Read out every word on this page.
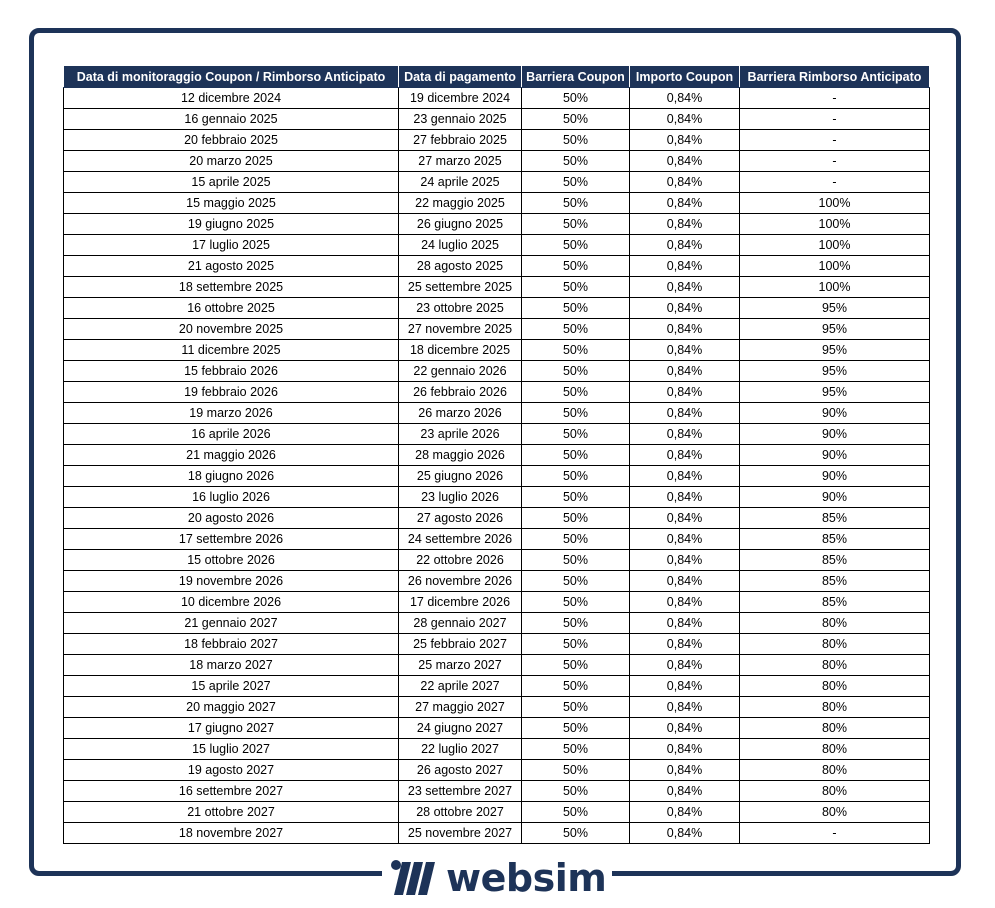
Data di monitoraggio Coupon / Rimborso Anticipato	Data di pagamento	Barriera Coupon	Importo Coupon	Barriera Rimborso Anticipato
12 dicembre 2024	19 dicembre 2024	50%	0,84%	-
16 gennaio 2025	23 gennaio 2025	50%	0,84%	-
20 febbraio 2025	27 febbraio 2025	50%	0,84%	-
20 marzo 2025	27 marzo 2025	50%	0,84%	-
15 aprile 2025	24 aprile 2025	50%	0,84%	-
15 maggio 2025	22 maggio 2025	50%	0,84%	100%
19 giugno 2025	26 giugno 2025	50%	0,84%	100%
17 luglio 2025	24 luglio 2025	50%	0,84%	100%
21 agosto 2025	28 agosto 2025	50%	0,84%	100%
18 settembre 2025	25 settembre 2025	50%	0,84%	100%
16 ottobre 2025	23 ottobre 2025	50%	0,84%	95%
20 novembre 2025	27 novembre 2025	50%	0,84%	95%
11 dicembre 2025	18 dicembre 2025	50%	0,84%	95%
15 febbraio 2026	22 gennaio 2026	50%	0,84%	95%
19 febbraio 2026	26 febbraio 2026	50%	0,84%	95%
19 marzo 2026	26 marzo 2026	50%	0,84%	90%
16 aprile 2026	23 aprile 2026	50%	0,84%	90%
21 maggio 2026	28 maggio 2026	50%	0,84%	90%
18 giugno 2026	25 giugno 2026	50%	0,84%	90%
16 luglio 2026	23 luglio 2026	50%	0,84%	90%
20 agosto 2026	27 agosto 2026	50%	0,84%	85%
17 settembre 2026	24 settembre 2026	50%	0,84%	85%
15 ottobre 2026	22 ottobre 2026	50%	0,84%	85%
19 novembre 2026	26 novembre 2026	50%	0,84%	85%
10 dicembre 2026	17 dicembre 2026	50%	0,84%	85%
21 gennaio 2027	28 gennaio 2027	50%	0,84%	80%
18 febbraio 2027	25 febbraio 2027	50%	0,84%	80%
18 marzo 2027	25 marzo 2027	50%	0,84%	80%
15 aprile 2027	22 aprile 2027	50%	0,84%	80%
20 maggio 2027	27 maggio 2027	50%	0,84%	80%
17 giugno 2027	24 giugno 2027	50%	0,84%	80%
15 luglio 2027	22 luglio 2027	50%	0,84%	80%
19 agosto 2027	26 agosto 2027	50%	0,84%	80%
16 settembre 2027	23 settembre 2027	50%	0,84%	80%
21 ottobre 2027	28 ottobre 2027	50%	0,84%	80%
18 novembre 2027	25 novembre 2027	50%	0,84%	-
websim
